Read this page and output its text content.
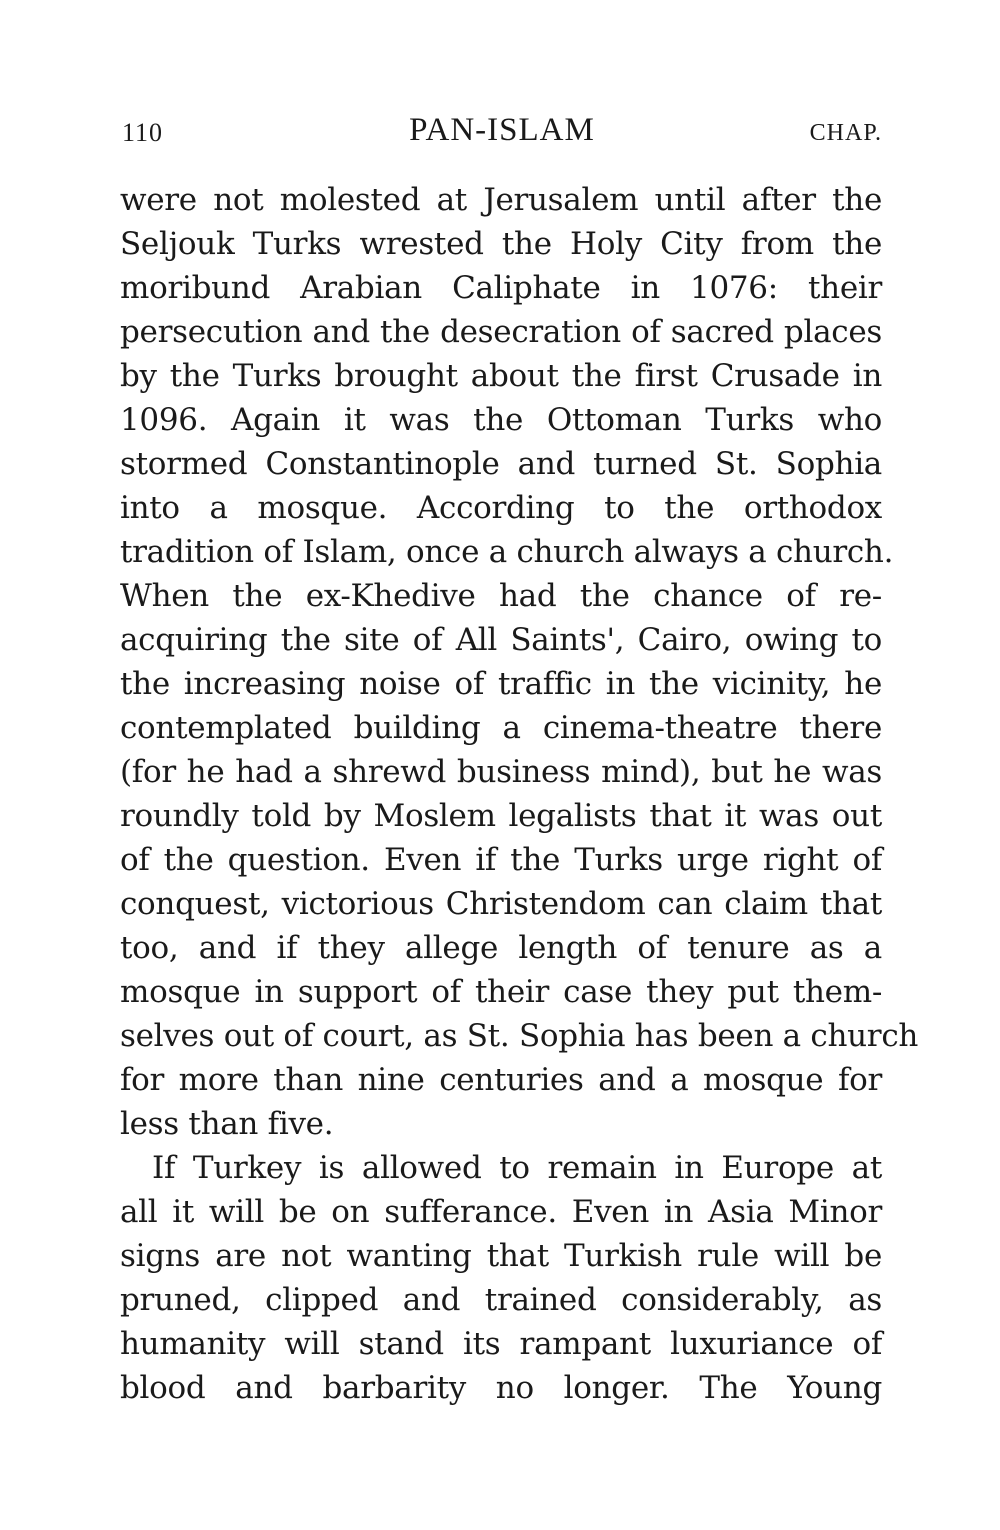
110	PAN-ISLAM	CHAP.
were not molested at Jerusalem until after the
Seljouk Turks wrested the Holy City from the
moribund Arabian Caliphate in 1076: their
persecution and the desecration of sacred places
by the Turks brought about the first Crusade in
1096. Again it was the Ottoman Turks who
stormed Constantinople and turned St. Sophia
into a mosque. According to the orthodox
tradition of Islam, once a church always a church.
When the ex-Khedive had the chance of re-
acquiring the site of All Saints', Cairo, owing to
the increasing noise of traffic in the vicinity, he
contemplated building a cinema-theatre there
(for he had a shrewd business mind), but he was
roundly told by Moslem legalists that it was out
of the question. Even if the Turks urge right of
conquest, victorious Christendom can claim that
too, and if they allege length of tenure as a
mosque in support of their case they put them-
selves out of court, as St. Sophia has been a church
for more than nine centuries and a mosque for
less than five.
If Turkey is allowed to remain in Europe at
all it will be on sufferance. Even in Asia Minor
signs are not wanting that Turkish rule will be
pruned, clipped and trained considerably, as
humanity will stand its rampant luxuriance of
blood and barbarity no longer. The Young
